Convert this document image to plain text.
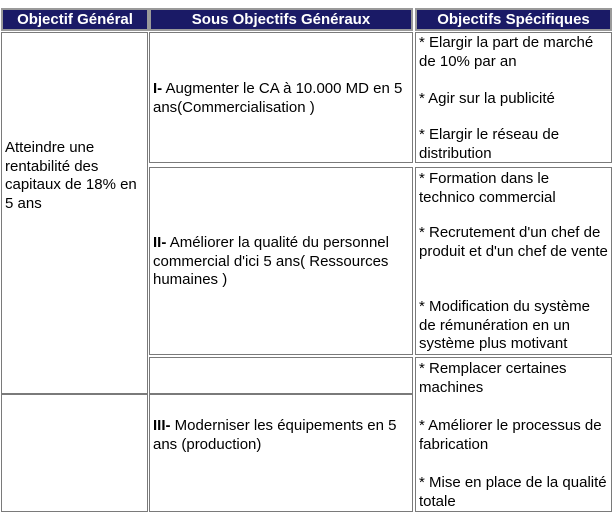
Objectif Général	Sous Objectifs Généraux	Objectifs Spécifiques
Atteindre une rentabilité des capitaux de 18% en 5 ans
I- Augmenter le CA à 10.000 MD en 5 ans(Commercialisation )
II- Améliorer la qualité du personnel commercial d'ici 5 ans( Ressources humaines )
III- Moderniser les équipements en 5 ans (production)
* Elargir la part de marché de 10% par an
* Agir sur la publicité
* Elargir le réseau de distribution
* Formation dans le technico commercial
* Recrutement d'un chef de produit et d'un chef de vente
* Modification du système de rémunération en un système plus motivant
* Remplacer certaines machines
* Améliorer le processus de fabrication
* Mise en place de la qualité totale
